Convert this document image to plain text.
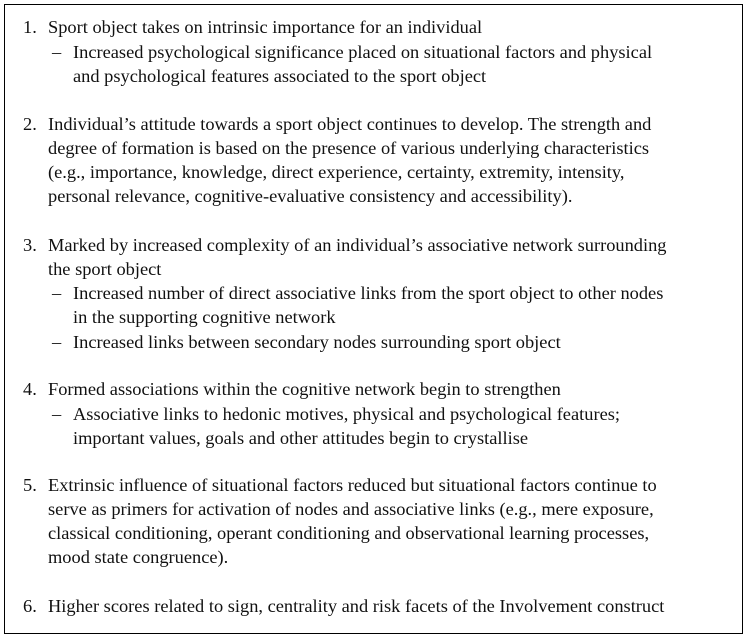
1. Sport object takes on intrinsic importance for an individual
– Increased psychological significance placed on situational factors and physical
and psychological features associated to the sport object
2. Individual’s attitude towards a sport object continues to develop. The strength and
degree of formation is based on the presence of various underlying characteristics
(e.g., importance, knowledge, direct experience, certainty, extremity, intensity,
personal relevance, cognitive-evaluative consistency and accessibility).
3. Marked by increased complexity of an individual’s associative network surrounding
the sport object
– Increased number of direct associative links from the sport object to other nodes
in the supporting cognitive network
– Increased links between secondary nodes surrounding sport object
4. Formed associations within the cognitive network begin to strengthen
– Associative links to hedonic motives, physical and psychological features;
important values, goals and other attitudes begin to crystallise
5. Extrinsic influence of situational factors reduced but situational factors continue to
serve as primers for activation of nodes and associative links (e.g., mere exposure,
classical conditioning, operant conditioning and observational learning processes,
mood state congruence).
6. Higher scores related to sign, centrality and risk facets of the Involvement construct
